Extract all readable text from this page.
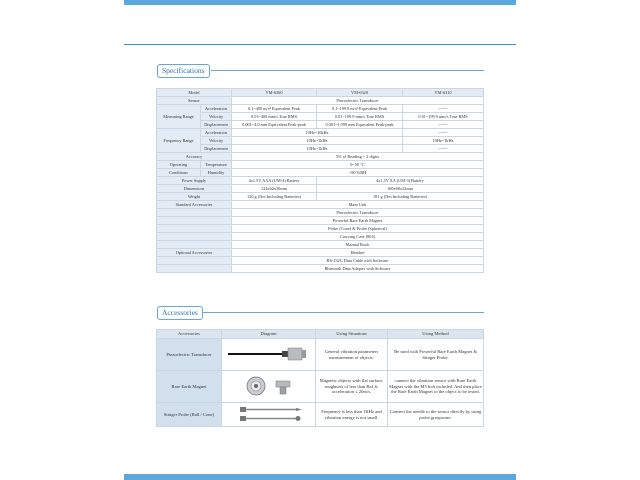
Specifications
Model		VM-6360	VM-6320	VM-6310
Sensor		Piezoelectric Transducer		
Measuring Range	Acceleration	0.1~400 m/s² Equivalent Peak	0.1~199.9 m/s² Equivalent Peak	------
	Velocity	0.01~400 mm/s True RMS	0.01~199.9 mm/s True RMS	0.01~199.9 mm/s True RMS
	Displacement	0.001~4.0 mm Equivalent Peak-peak	0.001~1.999 mm Equivalent Peak-peak	------
Frequency Range	Acceleration	10Hz~10kHz		------
	Velocity	10Hz~1kHz		10Hz~1kHz
	Displacement	10Hz~1kHz		------
Accuracy		5% of Reading + 2 digits		
Operating	Temperature	0~50 °C		
Conditions	Humidity	<90 %RH		
Power Supply		4x1.5V AAA (UM-4) Battery	4x1.5V AA (UM-3) Battery	
Dimensions		124x62x30mm	160x68x32mm	
Weight		120 g (Not Including Batteries)	181 g (Not Including Batteries)	
Standard Accessories		Main Unit		
		Piezoelectric Transducer		
		Powerful Rare Earth Magnet		
		Probe (Cone) & Probe (Spherical)		
		Carrying Case (804)		
		Manual Book		
Optional Accessories		Headset		
		RS-232C Data Cable with Software		
		Bluetooth Data Adapter with Software		
Accessories
Accessories	Diagram	Using Situations	Using Method
Piezoelectric Transducer		General vibration parameters measurement of objects.	Be used with Powerful Rare Earth Magnet & Stinger Probe.
Rare Earth Magnet		Magnetic objects with flat surface, roughness of less than Ra1.6, acceleration ≤ 20m/s.	connect the vibration sensor with Rare Earth Magnet with the M5 bolt included. And then place the Rare Earth Magnet to the object to be tested.
Stinger Probe (Ball / Cone)		Frequency is less than 1KHz and vibration energy is not small.	Connect the needle to the sensor directly by using probe groupware.
